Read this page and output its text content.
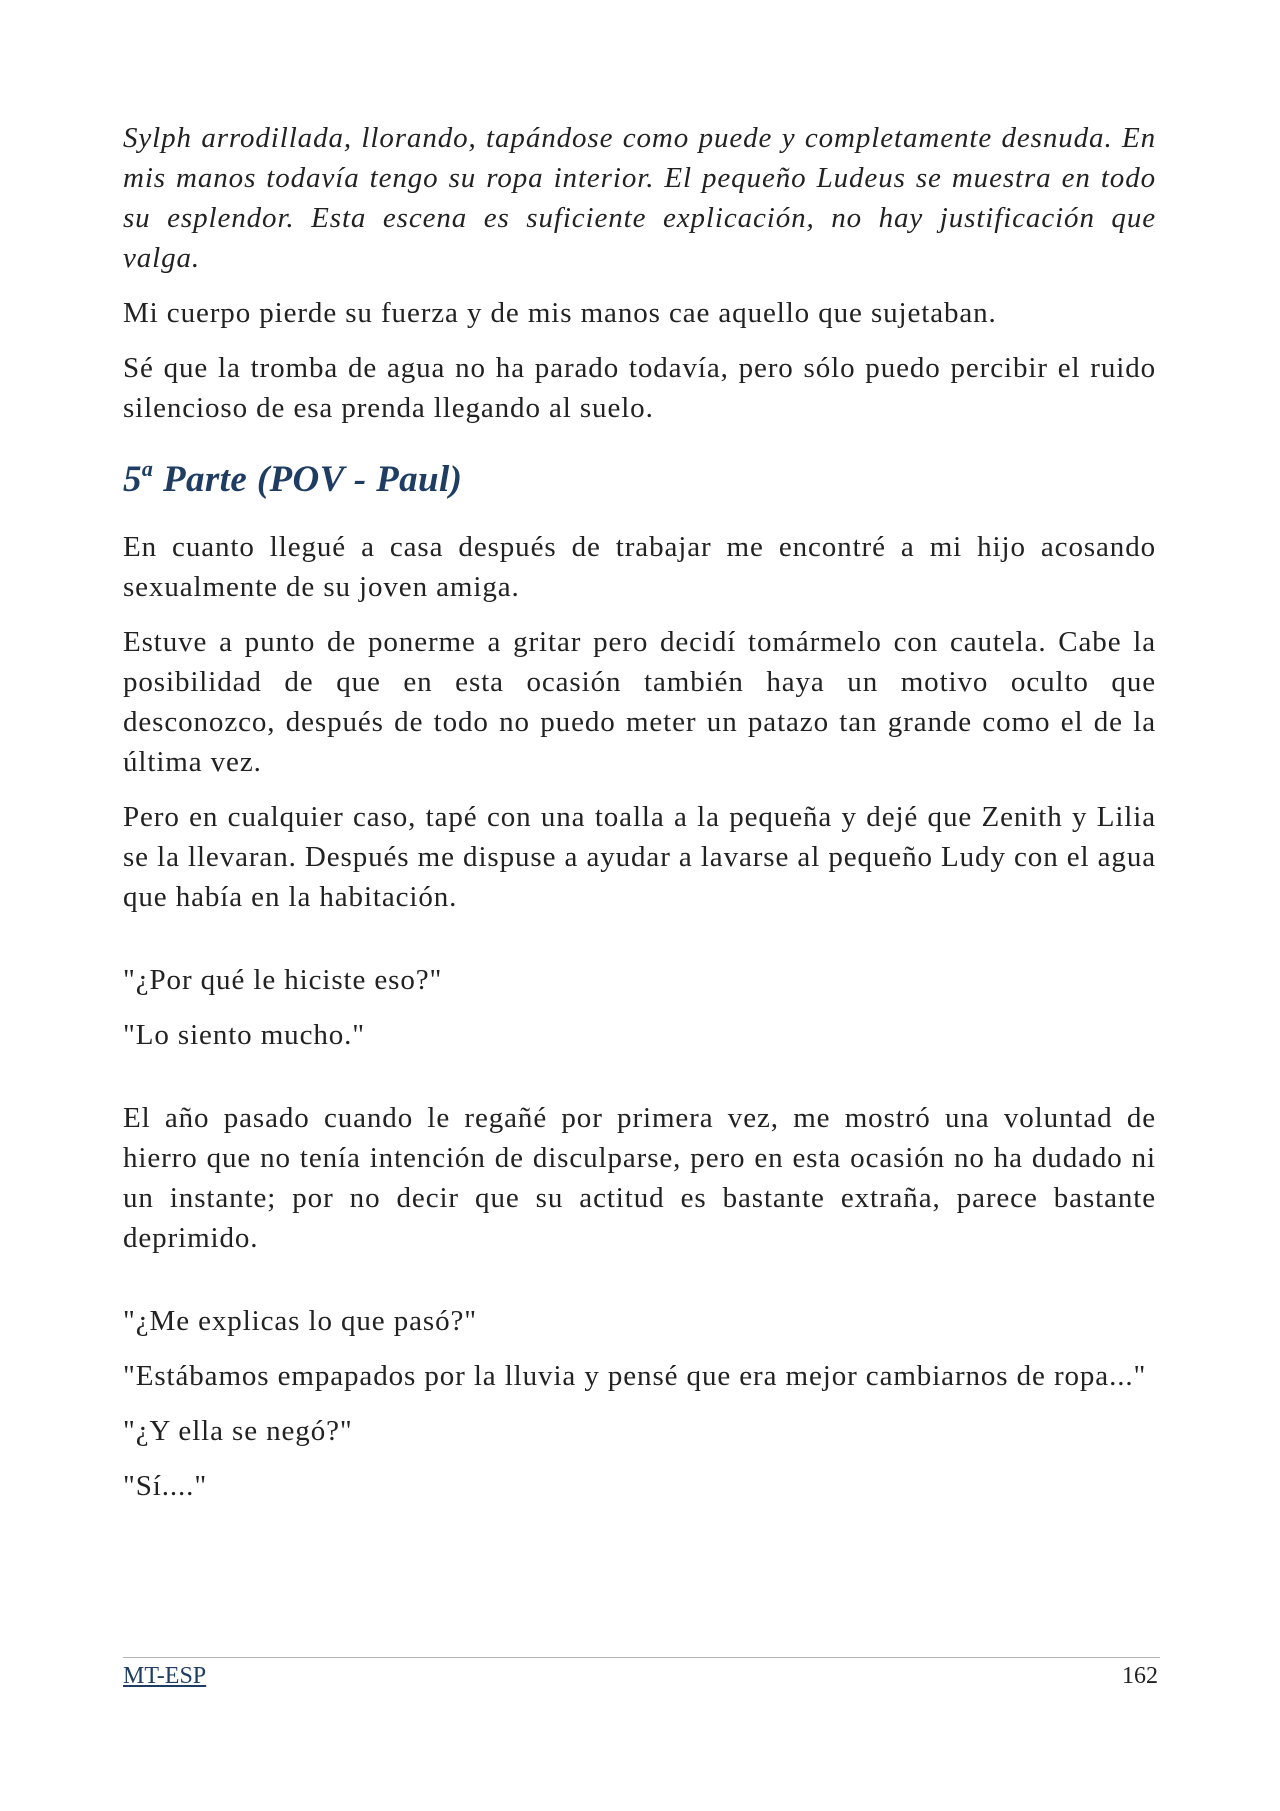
Sylph arrodillada, llorando, tapándose como puede y completamente desnuda. En mis manos todavía tengo su ropa interior. El pequeño Ludeus se muestra en todo su esplendor. Esta escena es suficiente explicación, no hay justificación que valga.

Mi cuerpo pierde su fuerza y de mis manos cae aquello que sujetaban.

Sé que la tromba de agua no ha parado todavía, pero sólo puedo percibir el ruido silencioso de esa prenda llegando al suelo.

5$^a$ Parte (POV - Paul)

En cuanto llegué a casa después de trabajar me encontré a mi hijo acosando sexualmente de su joven amiga.

Estuve a punto de ponerme a gritar pero decidí tomármelo con cautela. Cabe la posibilidad de que en esta ocasión también haya un motivo oculto que desconozco, después de todo no puedo meter un patazo tan grande como el de la última vez.

Pero en cualquier caso, tapé con una toalla a la pequeña y dejé que Zenith y Lilia se la llevaran. Después me dispuse a ayudar a lavarse al pequeño Ludy con el agua que había en la habitación.

"¿Por qué le hiciste eso?"

"Lo siento mucho."

El año pasado cuando le regañé por primera vez, me mostró una voluntad de hierro que no tenía intención de disculparse, pero en esta ocasión no ha dudado ni un instante; por no decir que su actitud es bastante extraña, parece bastante deprimido.

"¿Me explicas lo que pasó?"

"Estábamos empapados por la lluvia y pensé que era mejor cambiarnos de ropa..."

"¿Y ella se negó?"

"Sí...."

MT-ESP	162
